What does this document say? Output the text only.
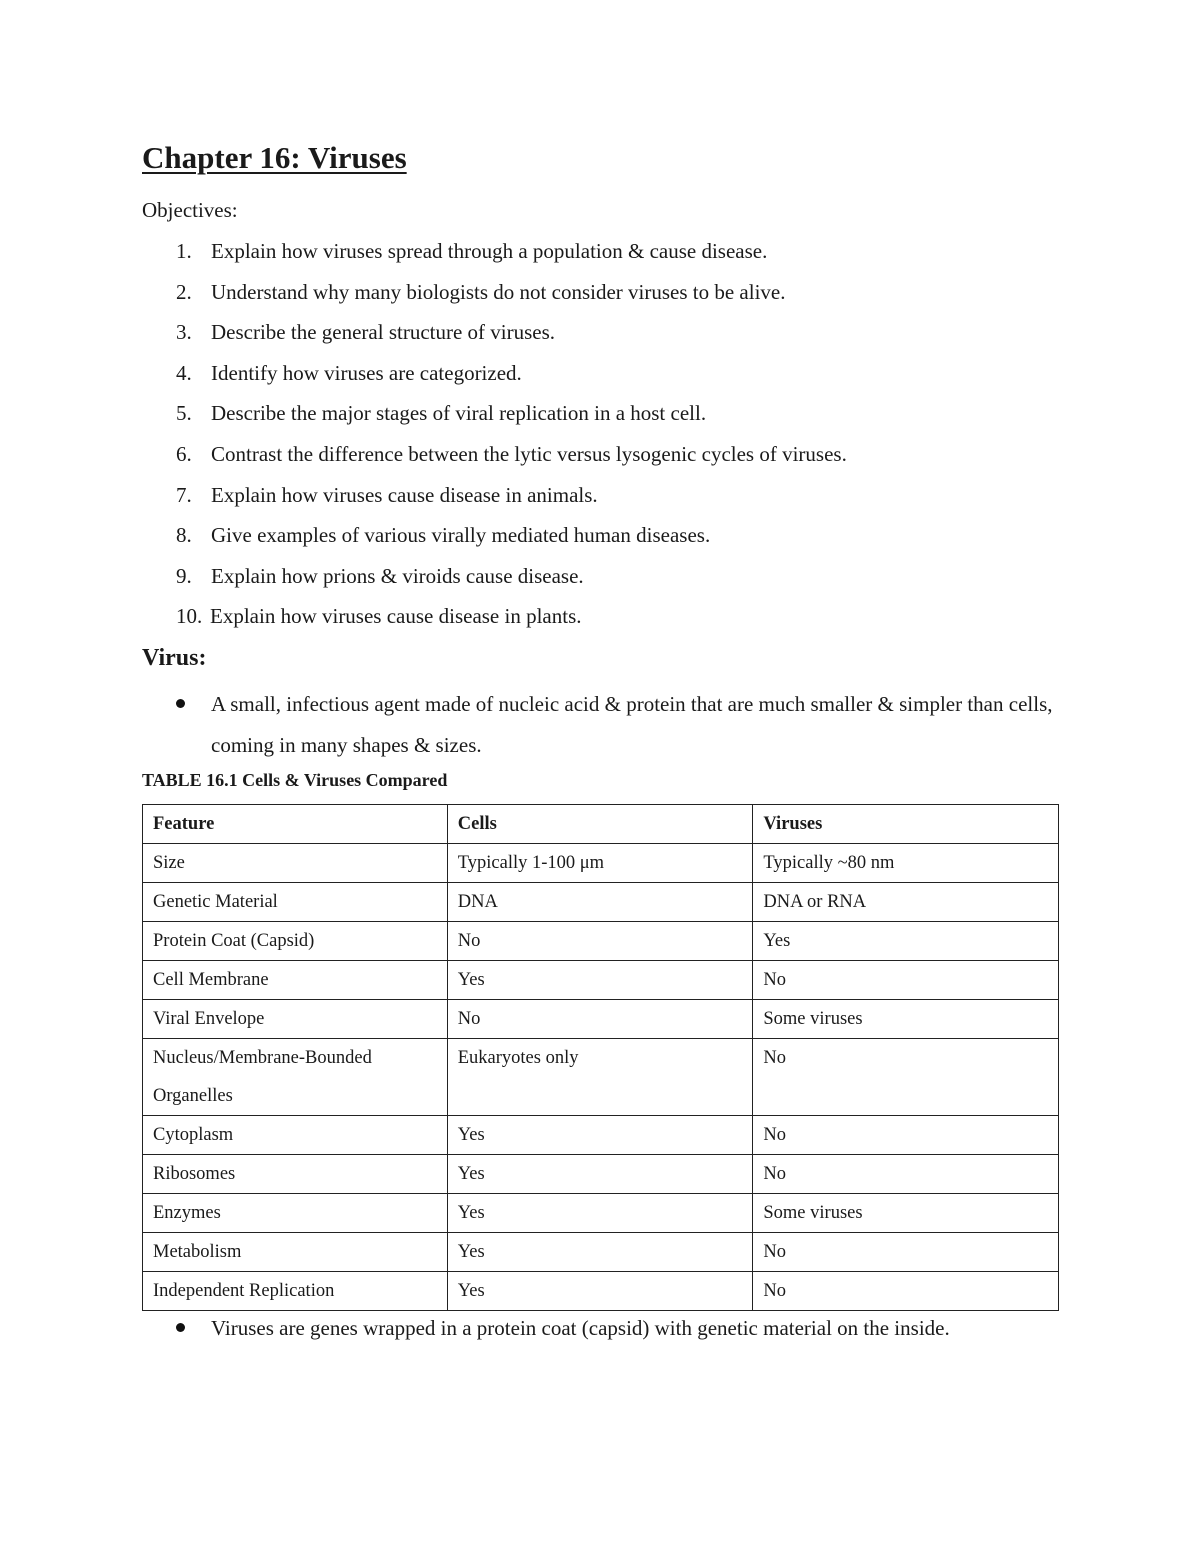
Chapter 16: Viruses
Objectives:
1. Explain how viruses spread through a population & cause disease.
2. Understand why many biologists do not consider viruses to be alive.
3. Describe the general structure of viruses.
4. Identify how viruses are categorized.
5. Describe the major stages of viral replication in a host cell.
6. Contrast the difference between the lytic versus lysogenic cycles of viruses.
7. Explain how viruses cause disease in animals.
8. Give examples of various virally mediated human diseases.
9. Explain how prions & viroids cause disease.
10. Explain how viruses cause disease in plants.
Virus:
A small, infectious agent made of nucleic acid & protein that are much smaller & simpler than cells, coming in many shapes & sizes.
TABLE 16.1 Cells & Viruses Compared
Feature	Cells	Viruses
Size	Typically 1-100 μm	Typically ~80 nm
Genetic Material	DNA	DNA or RNA
Protein Coat (Capsid)	No	Yes
Cell Membrane	Yes	No
Viral Envelope	No	Some viruses
Nucleus/Membrane-Bounded Organelles	Eukaryotes only	No
Cytoplasm	Yes	No
Ribosomes	Yes	No
Enzymes	Yes	Some viruses
Metabolism	Yes	No
Independent Replication	Yes	No
Viruses are genes wrapped in a protein coat (capsid) with genetic material on the inside.
